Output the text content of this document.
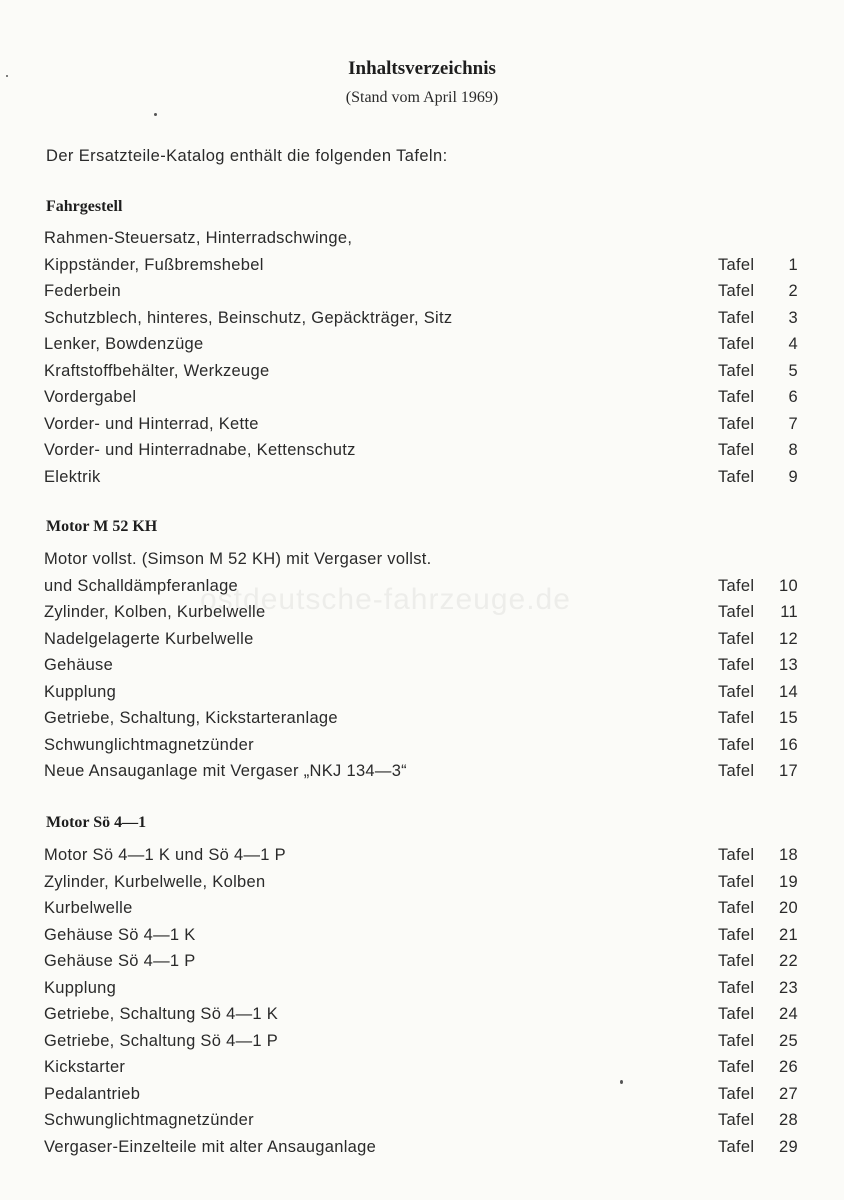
ostdeutsche-fahrzeuge.de
Inhaltsverzeichnis
(Stand vom April 1969)
Der Ersatzteile-Katalog enthält die folgenden Tafeln:
Fahrgestell
Rahmen-Steuersatz, Hinterradschwinge,
Kippständer, Fußbremshebel	Tafel 1
Federbein	Tafel 2
Schutzblech, hinteres, Beinschutz, Gepäckträger, Sitz	Tafel 3
Lenker, Bowdenzüge	Tafel 4
Kraftstoffbehälter, Werkzeuge	Tafel 5
Vordergabel	Tafel 6
Vorder- und Hinterrad, Kette	Tafel 7
Vorder- und Hinterradnabe, Kettenschutz	Tafel 8
Elektrik	Tafel 9
Motor M 52 KH
Motor vollst. (Simson M 52 KH) mit Vergaser vollst.
und Schalldämpferanlage	Tafel 10
Zylinder, Kolben, Kurbelwelle	Tafel 11
Nadelgelagerte Kurbelwelle	Tafel 12
Gehäuse	Tafel 13
Kupplung	Tafel 14
Getriebe, Schaltung, Kickstarteranlage	Tafel 15
Schwunglichtmagnetzünder	Tafel 16
Neue Ansauganlage mit Vergaser „NKJ 134—3“	Tafel 17
Motor Sö 4—1
Motor Sö 4—1 K und Sö 4—1 P	Tafel 18
Zylinder, Kurbelwelle, Kolben	Tafel 19
Kurbelwelle	Tafel 20
Gehäuse Sö 4—1 K	Tafel 21
Gehäuse Sö 4—1 P	Tafel 22
Kupplung	Tafel 23
Getriebe, Schaltung Sö 4—1 K	Tafel 24
Getriebe, Schaltung Sö 4—1 P	Tafel 25
Kickstarter	Tafel 26
Pedalantrieb	Tafel 27
Schwunglichtmagnetzünder	Tafel 28
Vergaser-Einzelteile mit alter Ansauganlage	Tafel 29
